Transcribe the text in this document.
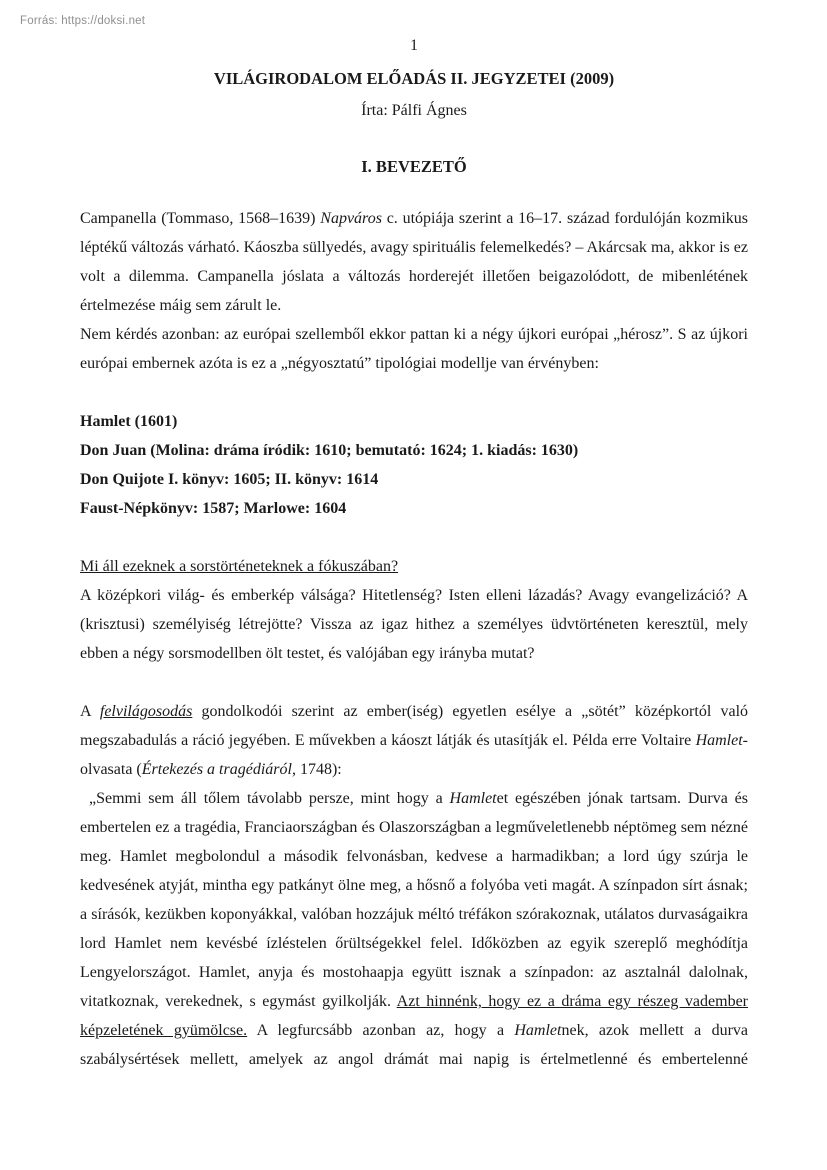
Forrás: https://doksi.net
1
VILÁGIRODALOM ELŐADÁS II. JEGYZETEI (2009)
Írta: Pálfi Ágnes
I. BEVEZETŐ

Campanella (Tommaso, 1568–1639) Napváros c. utópiája szerint a 16–17. század fordulóján kozmikus léptékű változás várható. Káoszba süllyedés, avagy spirituális felemelkedés? – Akárcsak ma, akkor is ez volt a dilemma. Campanella jóslata a változás horderejét illetően beigazolódott, de mibenlétének értelmezése máig sem zárult le.

Nem kérdés azonban: az európai szellemből ekkor pattan ki a négy újkori európai „hérosz”. S az újkori európai embernek azóta is ez a „négyosztatú” tipológiai modellje van érvényben:

Hamlet (1601)
Don Juan (Molina: dráma íródik: 1610; bemutató: 1624; 1. kiadás: 1630)
Don Quijote I. könyv: 1605; II. könyv: 1614
Faust-Népkönyv: 1587; Marlowe: 1604
Mi áll ezeknek a sorstörténeteknek a fókuszában?

A középkori világ- és emberkép válsága? Hitetlenség? Isten elleni lázadás? Avagy evangelizáció? A (krisztusi) személyiség létrejötte? Vissza az igaz hithez a személyes üdvtörténeten keresztül, mely ebben a négy sorsmodellben ölt testet, és valójában egy irányba mutat?

A felvilágosodás gondolkodói szerint az ember(iség) egyetlen esélye a „sötét” középkortól való megszabadulás a ráció jegyében. E művekben a káoszt látják és utasítják el. Példa erre Voltaire Hamlet-olvasata (Értekezés a tragédiáról, 1748):

„Semmi sem áll tőlem távolabb persze, mint hogy a Hamletet egészében jónak tartsam. Durva és embertelen ez a tragédia, Franciaországban és Olaszországban a legműveletlenebb néptömeg sem nézné meg. Hamlet megbolondul a második felvonásban, kedvese a harmadikban; a lord úgy szúrja le kedvesének atyját, mintha egy patkányt ölne meg, a hősnő a folyóba veti magát. A színpadon sírt ásnak; a sírásók, kezükben koponyákkal, valóban hozzájuk méltó tréfákon szórakoznak, utálatos durvaságaikra lord Hamlet nem kevésbé ízléstelen őrültségekkel felel. Időközben az egyik szereplő meghódítja Lengyelországot. Hamlet, anyja és mostohaapja együtt isznak a színpadon: az asztalnál dalolnak, vitatkoznak, verekednek, s egymást gyilkolják. Azt hinnénk, hogy ez a dráma egy részeg vadember képzeletének gyümölcse. A legfurcsább azonban az, hogy a Hamletnek, azok mellett a durva szabálysértések mellett, amelyek az angol drámát mai napig is értelmetlenné és embertelenné
